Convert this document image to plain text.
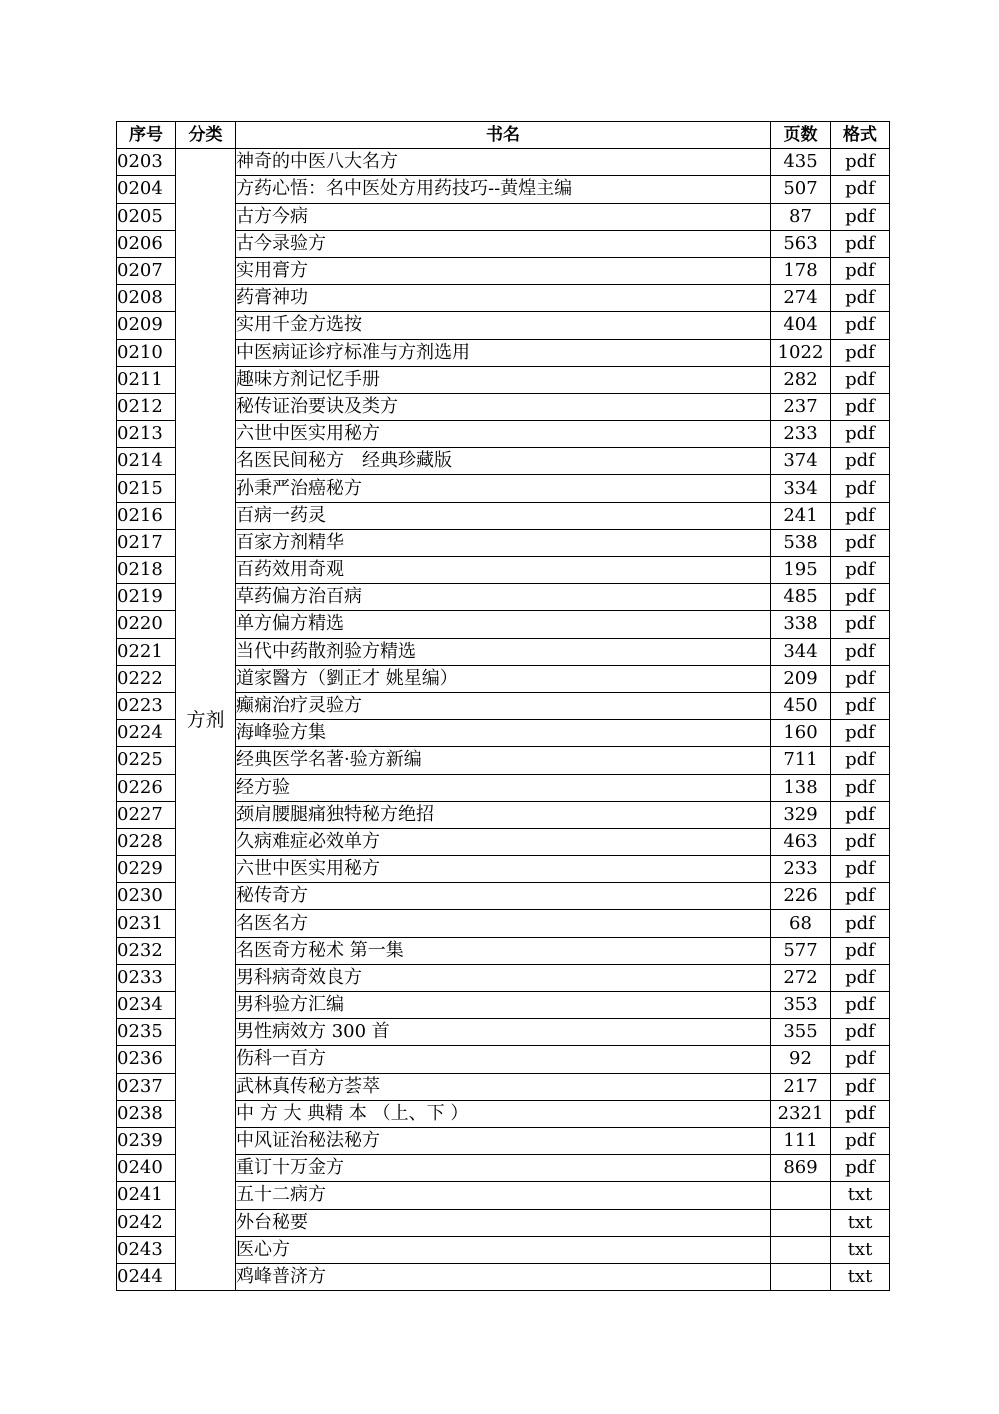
序号	分类	书名	页数	格式
0203	方剂	神奇的中医八大名方	435	pdf
0204		方药心悟：名中医处方用药技巧--黄煌主编	507	pdf
0205		古方今病	87	pdf
0206		古今录验方	563	pdf
0207		实用膏方	178	pdf
0208		药膏神功	274	pdf
0209		实用千金方选按	404	pdf
0210		中医病证诊疗标准与方剂选用	1022	pdf
0211		趣味方剂记忆手册	282	pdf
0212		秘传证治要诀及类方	237	pdf
0213		六世中医实用秘方	233	pdf
0214		名医民间秘方　经典珍藏版	374	pdf
0215		孙秉严治癌秘方	334	pdf
0216		百病一药灵	241	pdf
0217		百家方剂精华	538	pdf
0218		百药效用奇观	195	pdf
0219		草药偏方治百病	485	pdf
0220		单方偏方精选	338	pdf
0221		当代中药散剂验方精选	344	pdf
0222		道家醫方（劉正才 姚星编）	209	pdf
0223		癫痫治疗灵验方	450	pdf
0224		海峰验方集	160	pdf
0225		经典医学名著·验方新编	711	pdf
0226		经方验	138	pdf
0227		颈肩腰腿痛独特秘方绝招	329	pdf
0228		久病难症必效单方	463	pdf
0229		六世中医实用秘方	233	pdf
0230		秘传奇方	226	pdf
0231		名医名方	68	pdf
0232		名医奇方秘术 第一集	577	pdf
0233		男科病奇效良方	272	pdf
0234		男科验方汇编	353	pdf
0235		男性病效方 300 首	355	pdf
0236		伤科一百方	92	pdf
0237		武林真传秘方荟萃	217	pdf
0238		中 方 大 典精 本 （上、下 ）	2321	pdf
0239		中风证治秘法秘方	111	pdf
0240		重订十万金方	869	pdf
0241		五十二病方		txt
0242		外台秘要		txt
0243		医心方		txt
0244		鸡峰普济方		txt
